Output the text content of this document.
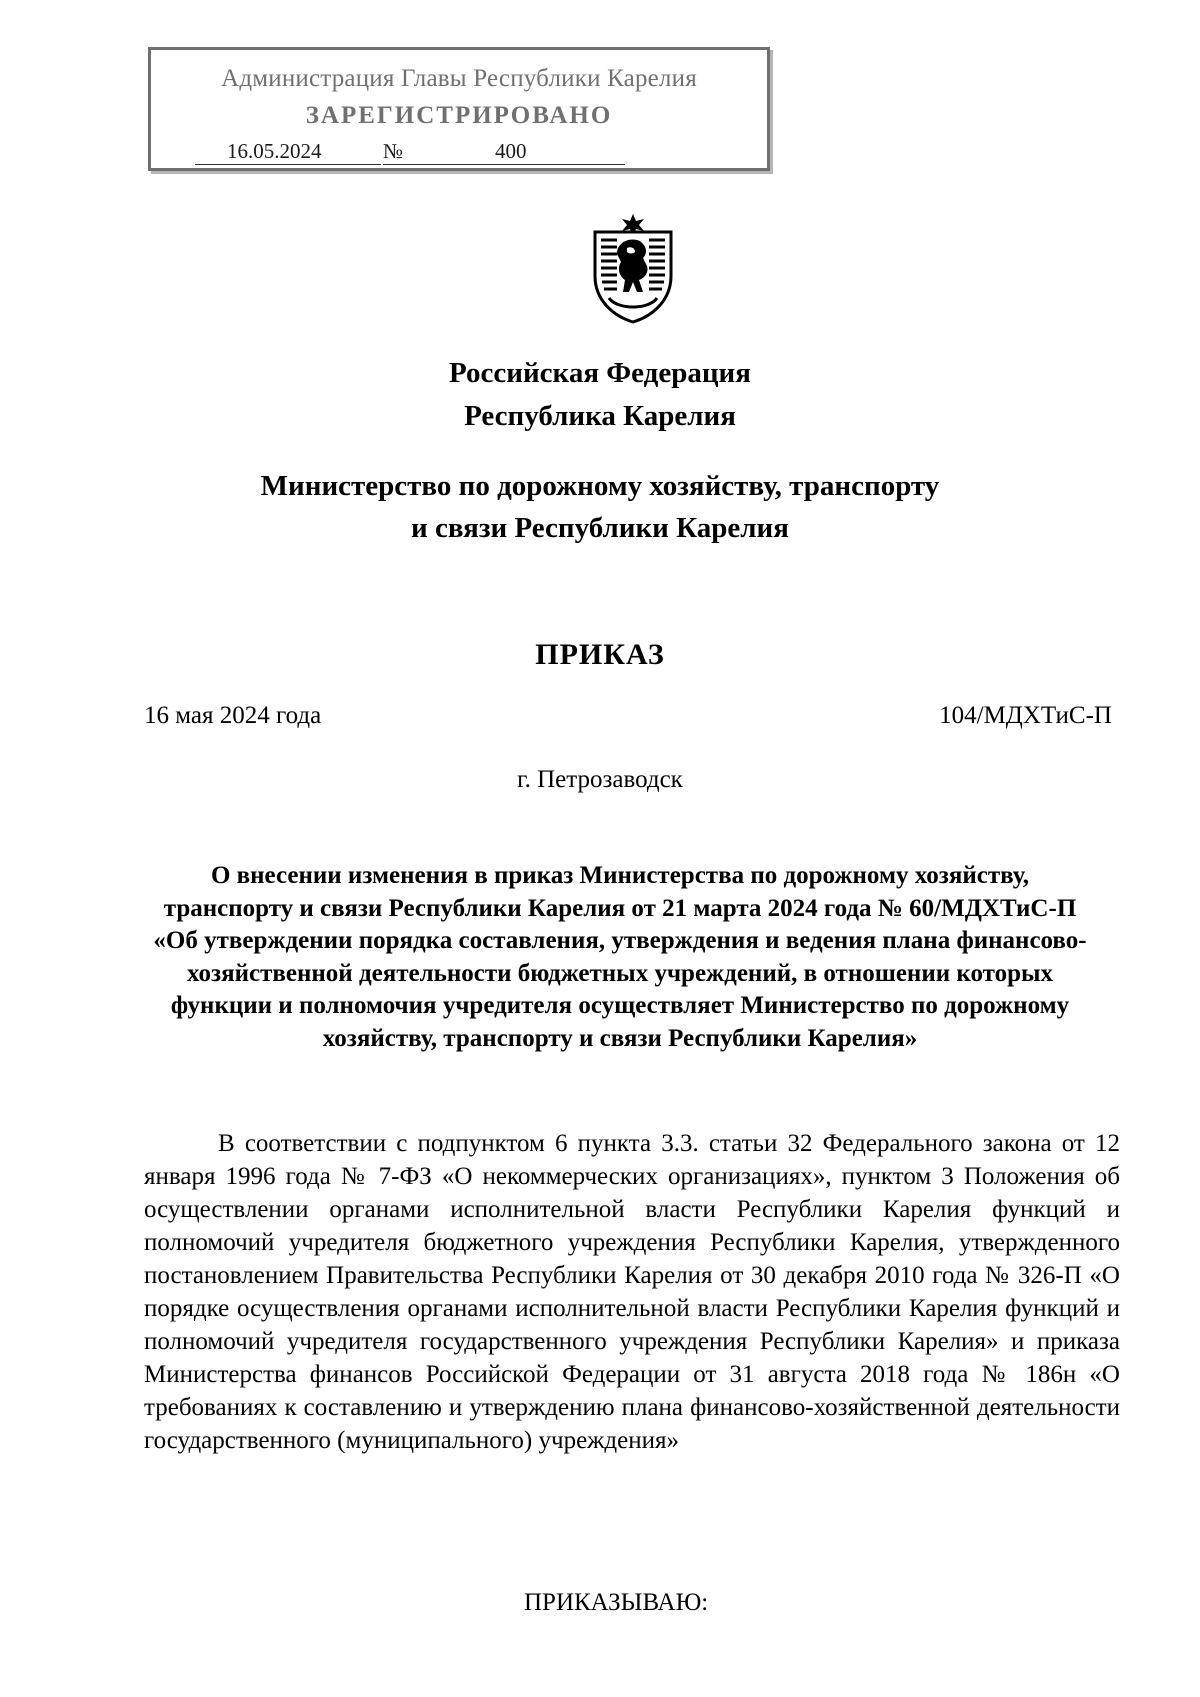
Администрация Главы Республики Карелия
ЗАРЕГИСТРИРОВАНО
16.05.2024	№	400
Российская Федерация
Республика Карелия
Министерство по дорожному хозяйству, транспорту
и связи Республики Карелия
ПРИКАЗ
16 мая 2024 года	104/МДХТиС-П
г. Петрозаводск
О внесении изменения в приказ Министерства по дорожному хозяйству, транспорту и связи Республики Карелия от 21 марта 2024 года № 60/МДХТиС-П «Об утверждении порядка составления, утверждения и ведения плана финансово-хозяйственной деятельности бюджетных учреждений, в отношении которых функции и полномочия учредителя осуществляет Министерство по дорожному хозяйству, транспорту и связи Республики Карелия»
В соответствии с подпунктом 6 пункта 3.3. статьи 32 Федерального закона от 12 января 1996 года № 7-ФЗ «О некоммерческих организациях», пунктом 3 Положения об осуществлении органами исполнительной власти Республики Карелия функций и полномочий учредителя бюджетного учреждения Республики Карелия, утвержденного постановлением Правительства Республики Карелия от 30 декабря 2010 года № 326-П «О порядке осуществления органами исполнительной власти Республики Карелия функций и полномочий учредителя государственного учреждения Республики Карелия» и приказа Министерства финансов Российской Федерации от 31 августа 2018 года № 186н «О требованиях к составлению и утверждению плана финансово-хозяйственной деятельности государственного (муниципального) учреждения»
ПРИКАЗЫВАЮ:
